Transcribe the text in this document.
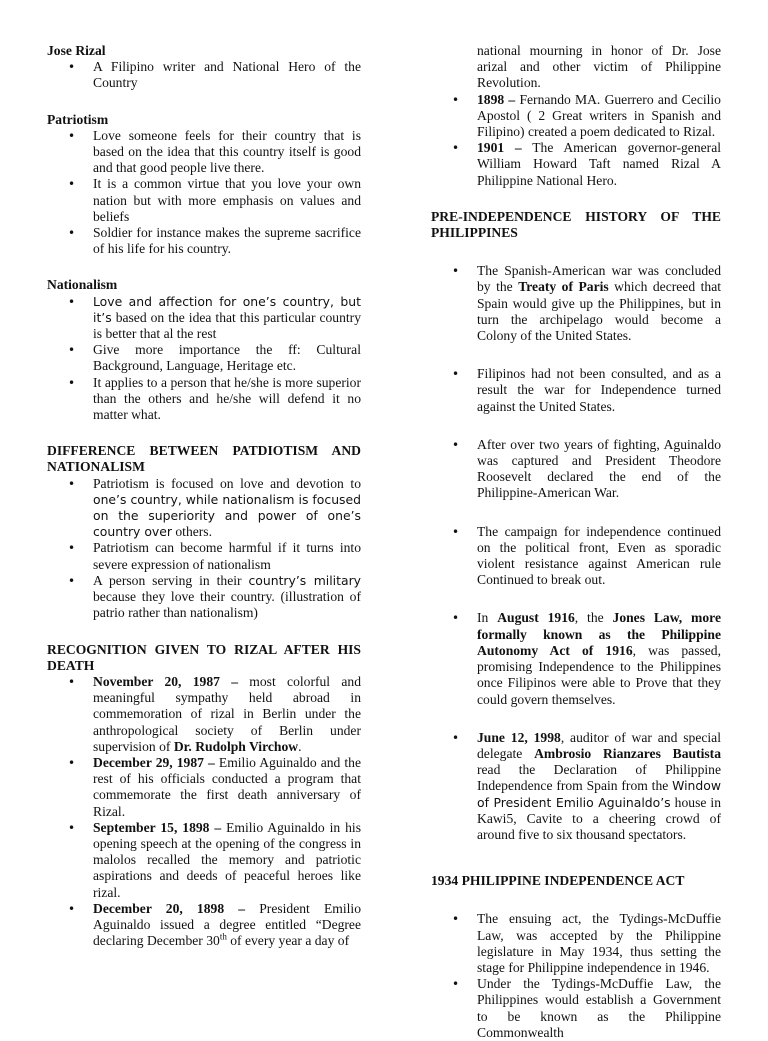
Jose Rizal

• A Filipino writer and National Hero of the Country

Patriotism

• Love someone feels for their country that is based on the idea that this country itself is good and that good people live there.
• It is a common virtue that you love your own nation but with more emphasis on values and beliefs
• Soldier for instance makes the supreme sacrifice of his life for his country.

Nationalism

• Love and affection for one’s country, but it’s based on the idea that this particular country is better that al the rest
• Give more importance the ff: Cultural Background, Language, Heritage etc.
• It applies to a person that he/she is more superior than the others and he/she will defend it no matter what.

DIFFERENCE BETWEEN PATDIOTISM AND NATIONALISM

• Patriotism is focused on love and devotion to one’s country, while nationalism is focused on the superiority and power of one’s country over others.
• Patriotism can become harmful if it turns into severe expression of nationalism
• A person serving in their country’s military because they love their country. (illustration of patrio rather than nationalism)

RECOGNITION GIVEN TO RIZAL AFTER HIS DEATH

• November 20, 1987 – most colorful and meaningful sympathy held abroad in commemoration of rizal in Berlin under the anthropological society of Berlin under supervision of Dr. Rudolph Virchow.
• December 29, 1987 – Emilio Aguinaldo and the rest of his officials conducted a program that commemorate the first death anniversary of Rizal.
• September 15, 1898 – Emilio Aguinaldo in his opening speech at the opening of the congress in malolos recalled the memory and patriotic aspirations and deeds of peaceful heroes like rizal.
• December 20, 1898 – President Emilio Aguinaldo issued a degree entitled “Degree declaring December 30th of every year a day of
national mourning in honor of Dr. Jose arizal and other victim of Philippine Revolution.
• 1898 – Fernando MA. Guerrero and Cecilio Apostol ( 2 Great writers in Spanish and Filipino) created a poem dedicated to Rizal.
• 1901 – The American governor-general William Howard Taft named Rizal A Philippine National Hero.

PRE-INDEPENDENCE HISTORY OF THE PHILIPPINES

• The Spanish-American war was concluded by the Treaty of Paris which decreed that Spain would give up the Philippines, but in turn the archipelago would become a Colony of the United States.
• Filipinos had not been consulted, and as a result the war for Independence turned against the United States.
• After over two years of fighting, Aguinaldo was captured and President Theodore Roosevelt declared the end of the Philippine-American War.
• The campaign for independence continued on the political front, Even as sporadic violent resistance against American rule Continued to break out.
• In August 1916, the Jones Law, more formally known as the Philippine Autonomy Act of 1916, was passed, promising Independence to the Philippines once Filipinos were able to Prove that they could govern themselves.
• June 12, 1998, auditor of war and special delegate Ambrosio Rianzares Bautista read the Declaration of Philippine Independence from Spain from the Window of President Emilio Aguinaldo’s house in Kawi5, Cavite to a cheering crowd of around five to six thousand spectators.

1934 PHILIPPINE INDEPENDENCE ACT

• The ensuing act, the Tydings-McDuffie Law, was accepted by the Philippine legislature in May 1934, thus setting the stage for Philippine independence in 1946.
• Under the Tydings-McDuffie Law, the Philippines would establish a Government to be known as the Philippine Commonwealth
